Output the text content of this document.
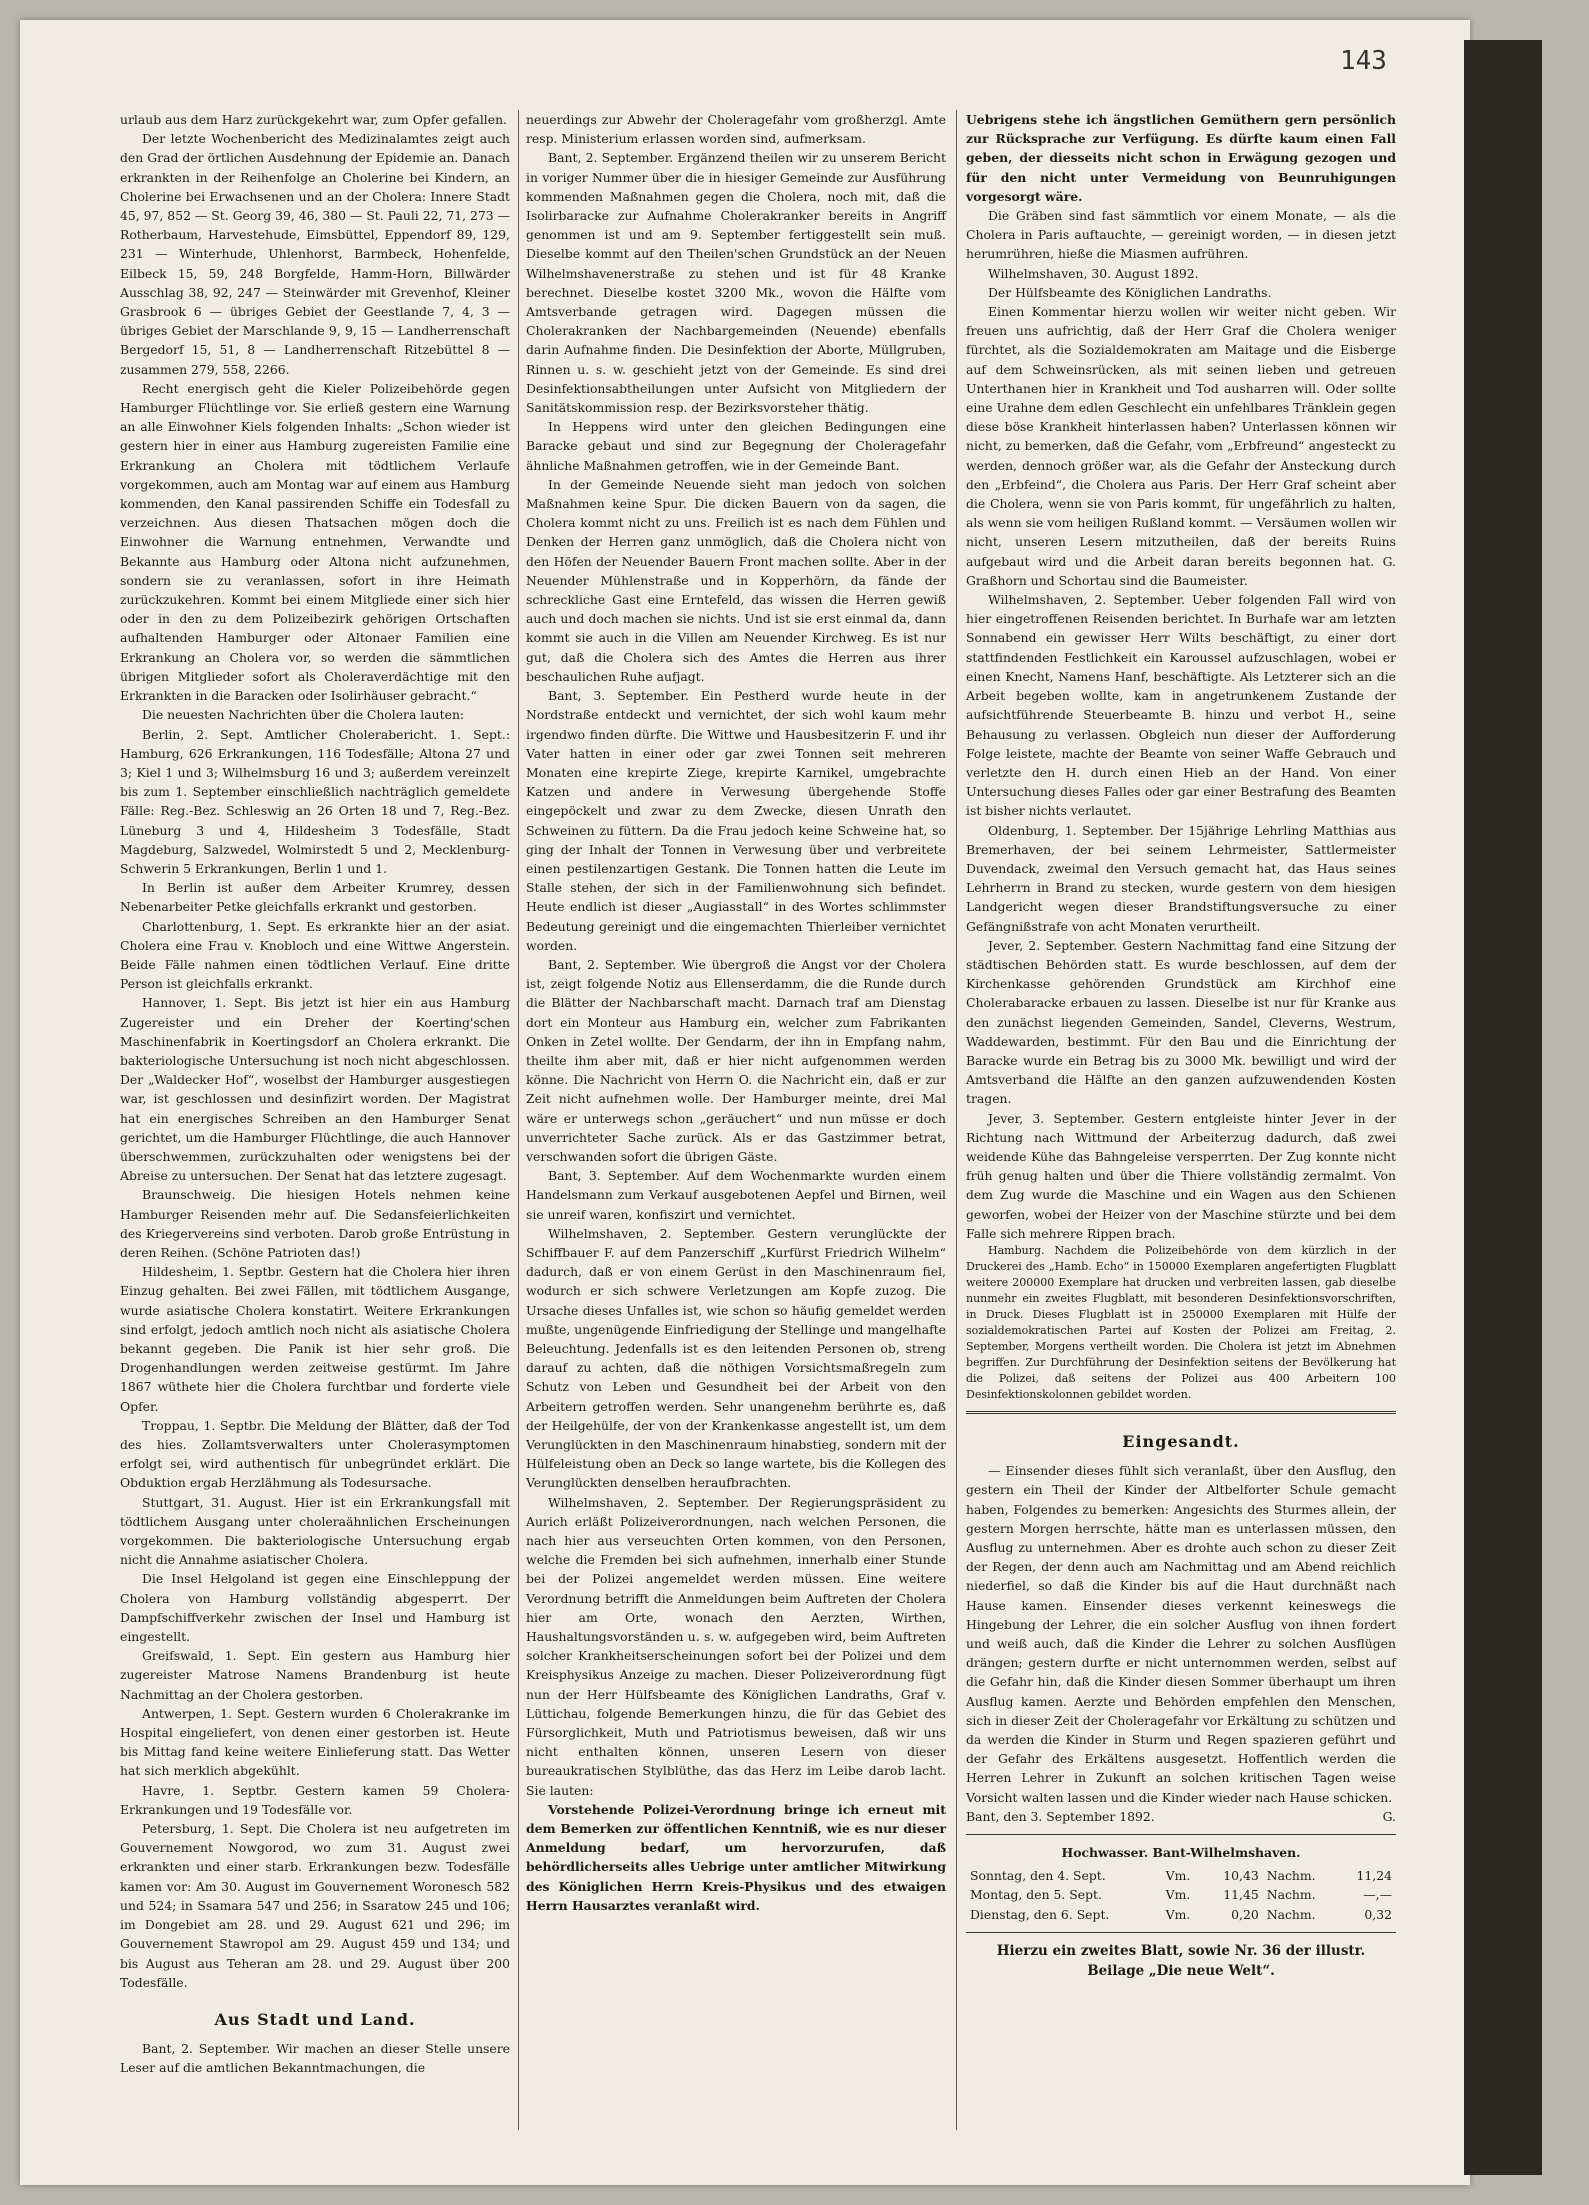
143

urlaub aus dem Harz zurückgekehrt war, zum Opfer gefallen.

Der letzte Wochenbericht des Medizinalamtes zeigt auch den Grad der örtlichen Ausdehnung der Epidemie an. Danach erkrankten in der Reihenfolge an Cholerine bei Kindern, an Cholerine bei Erwachsenen und an der Cholera: Innere Stadt 45, 97, 852 — St. Georg 39, 46, 380 — St. Pauli 22, 71, 273 — Rotherbaum, Harvestehude, Eimsbüttel, Eppendorf 89, 129, 231 — Winterhude, Uhlenhorst, Barmbeck, Hohenfelde, Eilbeck 15, 59, 248 Borgfelde, Hamm-Horn, Billwärder Ausschlag 38, 92, 247 — Steinwärder mit Grevenhof, Kleiner Grasbrook 6 — übriges Gebiet der Geestlande 7, 4, 3 — übriges Gebiet der Marschlande 9, 9, 15 — Landherrenschaft Bergedorf 15, 51, 8 — Landherrenschaft Ritzebüttel 8 — zusammen 279, 558, 2266.

Recht energisch geht die Kieler Polizeibehörde gegen Hamburger Flüchtlinge vor. Sie erließ gestern eine Warnung an alle Einwohner Kiels folgenden Inhalts: „Schon wieder ist gestern hier in einer aus Hamburg zugereisten Familie eine Erkrankung an Cholera mit tödtlichem Verlaufe vorgekommen, auch am Montag war auf einem aus Hamburg kommenden, den Kanal passirenden Schiffe ein Todesfall zu verzeichnen. Aus diesen Thatsachen mögen doch die Einwohner die Warnung entnehmen, Verwandte und Bekannte aus Hamburg oder Altona nicht aufzunehmen, sondern sie zu veranlassen, sofort in ihre Heimath zurückzukehren. Kommt bei einem Mitgliede einer sich hier oder in den zu dem Polizeibezirk gehörigen Ortschaften aufhaltenden Hamburger oder Altonaer Familien eine Erkrankung an Cholera vor, so werden die sämmtlichen übrigen Mitglieder sofort als Choleraverdächtige mit den Erkrankten in die Baracken oder Isolirhäuser gebracht.“

Die neuesten Nachrichten über die Cholera lauten:

Berlin, 2. Sept. Amtlicher Cholerabericht. 1. Sept.: Hamburg, 626 Erkrankungen, 116 Todesfälle; Altona 27 und 3; Kiel 1 und 3; Wilhelmsburg 16 und 3; außerdem vereinzelt bis zum 1. September einschließlich nachträglich gemeldete Fälle: Reg.-Bez. Schleswig an 26 Orten 18 und 7, Reg.-Bez. Lüneburg 3 und 4, Hildesheim 3 Todesfälle, Stadt Magdeburg, Salzwedel, Wolmirstedt 5 und 2, Mecklenburg-Schwerin 5 Erkrankungen, Berlin 1 und 1.

In Berlin ist außer dem Arbeiter Krumrey, dessen Nebenarbeiter Petke gleichfalls erkrankt und gestorben.

Charlottenburg, 1. Sept. Es erkrankte hier an der asiat. Cholera eine Frau v. Knobloch und eine Wittwe Angerstein. Beide Fälle nahmen einen tödtlichen Verlauf. Eine dritte Person ist gleichfalls erkrankt.

Hannover, 1. Sept. Bis jetzt ist hier ein aus Hamburg Zugereister und ein Dreher der Koerting'schen Maschinenfabrik in Koertingsdorf an Cholera erkrankt. Die bakteriologische Untersuchung ist noch nicht abgeschlossen. Der „Waldecker Hof“, woselbst der Hamburger ausgestiegen war, ist geschlossen und desinfizirt worden. Der Magistrat hat ein energisches Schreiben an den Hamburger Senat gerichtet, um die Hamburger Flüchtlinge, die auch Hannover überschwemmen, zurückzuhalten oder wenigstens bei der Abreise zu untersuchen. Der Senat hat das letztere zugesagt.

Braunschweig. Die hiesigen Hotels nehmen keine Hamburger Reisenden mehr auf. Die Sedansfeierlichkeiten des Kriegervereins sind verboten. Darob große Entrüstung in deren Reihen. (Schöne Patrioten das!)

Hildesheim, 1. Septbr. Gestern hat die Cholera hier ihren Einzug gehalten. Bei zwei Fällen, mit tödtlichem Ausgange, wurde asiatische Cholera konstatirt. Weitere Erkrankungen sind erfolgt, jedoch amtlich noch nicht als asiatische Cholera bekannt gegeben. Die Panik ist hier sehr groß. Die Drogenhandlungen werden zeitweise gestürmt. Im Jahre 1867 wüthete hier die Cholera furchtbar und forderte viele Opfer.

Troppau, 1. Septbr. Die Meldung der Blätter, daß der Tod des hies. Zollamtsverwalters unter Cholerasymptomen erfolgt sei, wird authentisch für unbegründet erklärt. Die Obduktion ergab Herzlähmung als Todesursache.

Stuttgart, 31. August. Hier ist ein Erkrankungsfall mit tödtlichem Ausgang unter choleraähnlichen Erscheinungen vorgekommen. Die bakteriologische Untersuchung ergab nicht die Annahme asiatischer Cholera.

Die Insel Helgoland ist gegen eine Einschleppung der Cholera von Hamburg vollständig abgesperrt. Der Dampfschiffverkehr zwischen der Insel und Hamburg ist eingestellt.

Greifswald, 1. Sept. Ein gestern aus Hamburg hier zugereister Matrose Namens Brandenburg ist heute Nachmittag an der Cholera gestorben.

Antwerpen, 1. Sept. Gestern wurden 6 Cholerakranke im Hospital eingeliefert, von denen einer gestorben ist. Heute bis Mittag fand keine weitere Einlieferung statt. Das Wetter hat sich merklich abgekühlt.

Havre, 1. Septbr. Gestern kamen 59 Cholera-Erkrankungen und 19 Todesfälle vor.

Petersburg, 1. Sept. Die Cholera ist neu aufgetreten im Gouvernement Nowgorod, wo zum 31. August zwei erkrankten und einer starb. Erkrankungen bezw. Todesfälle kamen vor: Am 30. August im Gouvernement Woronesch 582 und 524; in Ssamara 547 und 256; in Ssaratow 245 und 106; im Dongebiet am 28. und 29. August 621 und 296; im Gouvernement Stawropol am 29. August 459 und 134; und bis August aus Teheran am 28. und 29. August über 200 Todesfälle.

Aus Stadt und Land.

Bant, 2. September. Wir machen an dieser Stelle unsere Leser auf die amtlichen Bekanntmachungen, die

neuerdings zur Abwehr der Choleragefahr vom großherzgl. Amte resp. Ministerium erlassen worden sind, aufmerksam.

Bant, 2. September. Ergänzend theilen wir zu unserem Bericht in voriger Nummer über die in hiesiger Gemeinde zur Ausführung kommenden Maßnahmen gegen die Cholera, noch mit, daß die Isolirbaracke zur Aufnahme Cholerakranker bereits in Angriff genommen ist und am 9. September fertiggestellt sein muß. Dieselbe kommt auf den Theilen'schen Grundstück an der Neuen Wilhelmshavenerstraße zu stehen und ist für 48 Kranke berechnet. Dieselbe kostet 3200 Mk., wovon die Hälfte vom Amtsverbande getragen wird. Dagegen müssen die Cholerakranken der Nachbargemeinden (Neuende) ebenfalls darin Aufnahme finden. Die Desinfektion der Aborte, Müllgruben, Rinnen u. s. w. geschieht jetzt von der Gemeinde. Es sind drei Desinfektionsabtheilungen unter Aufsicht von Mitgliedern der Sanitätskommission resp. der Bezirksvorsteher thätig.

In Heppens wird unter den gleichen Bedingungen eine Baracke gebaut und sind zur Begegnung der Choleragefahr ähnliche Maßnahmen getroffen, wie in der Gemeinde Bant.

In der Gemeinde Neuende sieht man jedoch von solchen Maßnahmen keine Spur. Die dicken Bauern von da sagen, die Cholera kommt nicht zu uns. Freilich ist es nach dem Fühlen und Denken der Herren ganz unmöglich, daß die Cholera nicht von den Höfen der Neuender Bauern Front machen sollte. Aber in der Neuender Mühlenstraße und in Kopperhörn, da fände der schreckliche Gast eine Erntefeld, das wissen die Herren gewiß auch und doch machen sie nichts. Und ist sie erst einmal da, dann kommt sie auch in die Villen am Neuender Kirchweg. Es ist nur gut, daß die Cholera sich des Amtes die Herren aus ihrer beschaulichen Ruhe aufjagt.

Bant, 3. September. Ein Pestherd wurde heute in der Nordstraße entdeckt und vernichtet, der sich wohl kaum mehr irgendwo finden dürfte. Die Wittwe und Hausbesitzerin F. und ihr Vater hatten in einer oder gar zwei Tonnen seit mehreren Monaten eine krepirte Ziege, krepirte Karnikel, umgebrachte Katzen und andere in Verwesung übergehende Stoffe eingepöckelt und zwar zu dem Zwecke, diesen Unrath den Schweinen zu füttern. Da die Frau jedoch keine Schweine hat, so ging der Inhalt der Tonnen in Verwesung über und verbreitete einen pestilenzartigen Gestank. Die Tonnen hatten die Leute im Stalle stehen, der sich in der Familienwohnung sich befindet. Heute endlich ist dieser „Augiasstall“ in des Wortes schlimmster Bedeutung gereinigt und die eingemachten Thierleiber vernichtet worden.

Bant, 2. September. Wie übergroß die Angst vor der Cholera ist, zeigt folgende Notiz aus Ellenserdamm, die die Runde durch die Blätter der Nachbarschaft macht. Darnach traf am Dienstag dort ein Monteur aus Hamburg ein, welcher zum Fabrikanten Onken in Zetel wollte. Der Gendarm, der ihn in Empfang nahm, theilte ihm aber mit, daß er hier nicht aufgenommen werden könne. Die Nachricht von Herrn O. die Nachricht ein, daß er zur Zeit nicht aufnehmen wolle. Der Hamburger meinte, drei Mal wäre er unterwegs schon „geräuchert“ und nun müsse er doch unverrichteter Sache zurück. Als er das Gastzimmer betrat, verschwanden sofort die übrigen Gäste.

Bant, 3. September. Auf dem Wochenmarkte wurden einem Handelsmann zum Verkauf ausgebotenen Aepfel und Birnen, weil sie unreif waren, konfiszirt und vernichtet.

Wilhelmshaven, 2. September. Gestern verunglückte der Schiffbauer F. auf dem Panzerschiff „Kurfürst Friedrich Wilhelm“ dadurch, daß er von einem Gerüst in den Maschinenraum fiel, wodurch er sich schwere Verletzungen am Kopfe zuzog. Die Ursache dieses Unfalles ist, wie schon so häufig gemeldet werden mußte, ungenügende Einfriedigung der Stellinge und mangelhafte Beleuchtung. Jedenfalls ist es den leitenden Personen ob, streng darauf zu achten, daß die nöthigen Vorsichtsmaßregeln zum Schutz von Leben und Gesundheit bei der Arbeit von den Arbeitern getroffen werden. Sehr unangenehm berührte es, daß der Heilgehülfe, der von der Krankenkasse angestellt ist, um dem Verunglückten in den Maschinenraum hinabstieg, sondern mit der Hülfeleistung oben an Deck so lange wartete, bis die Kollegen des Verunglückten denselben heraufbrachten.

Wilhelmshaven, 2. September. Der Regierungspräsident zu Aurich erläßt Polizeiverordnungen, nach welchen Personen, die nach hier aus verseuchten Orten kommen, von den Personen, welche die Fremden bei sich aufnehmen, innerhalb einer Stunde bei der Polizei angemeldet werden müssen. Eine weitere Verordnung betrifft die Anmeldungen beim Auftreten der Cholera hier am Orte, wonach den Aerzten, Wirthen, Haushaltungsvorständen u. s. w. aufgegeben wird, beim Auftreten solcher Krankheitserscheinungen sofort bei der Polizei und dem Kreisphysikus Anzeige zu machen. Dieser Polizeiverordnung fügt nun der Herr Hülfsbeamte des Königlichen Landraths, Graf v. Lüttichau, folgende Bemerkungen hinzu, die für das Gebiet des Fürsorglichkeit, Muth und Patriotismus beweisen, daß wir uns nicht enthalten können, unseren Lesern von dieser bureaukratischen Stylblüthe, das das Herz im Leibe darob lacht. Sie lauten:

Vorstehende Polizei-Verordnung bringe ich erneut mit dem Bemerken zur öffentlichen Kenntniß, wie es nur dieser Anmeldung bedarf, um hervorzurufen, daß behördlicherseits alles Uebrige unter amtlicher Mitwirkung des Königlichen Herrn Kreis-Physikus und des etwaigen Herrn Hausarztes veranlaßt wird.

Uebrigens stehe ich ängstlichen Gemüthern gern persönlich zur Rücksprache zur Verfügung. Es dürfte kaum einen Fall geben, der diesseits nicht schon in Erwägung gezogen und für den nicht unter Vermeidung von Beunruhigungen vorgesorgt wäre.

Die Gräben sind fast sämmtlich vor einem Monate, — als die Cholera in Paris auftauchte, — gereinigt worden, — in diesen jetzt herumrühren, hieße die Miasmen aufrühren.

Wilhelmshaven, 30. August 1892.

Der Hülfsbeamte des Königlichen Landraths.

Einen Kommentar hierzu wollen wir weiter nicht geben. Wir freuen uns aufrichtig, daß der Herr Graf die Cholera weniger fürchtet, als die Sozialdemokraten am Maitage und die Eisberge auf dem Schweinsrücken, als mit seinen lieben und getreuen Unterthanen hier in Krankheit und Tod ausharren will. Oder sollte eine Urahne dem edlen Geschlecht ein unfehlbares Tränklein gegen diese böse Krankheit hinterlassen haben? Unterlassen können wir nicht, zu bemerken, daß die Gefahr, vom „Erbfreund“ angesteckt zu werden, dennoch größer war, als die Gefahr der Ansteckung durch den „Erbfeind“, die Cholera aus Paris. Der Herr Graf scheint aber die Cholera, wenn sie von Paris kommt, für ungefährlich zu halten, als wenn sie vom heiligen Rußland kommt. — Versäumen wollen wir nicht, unseren Lesern mitzutheilen, daß der bereits Ruins aufgebaut wird und die Arbeit daran bereits begonnen hat. G. Graßhorn und Schortau sind die Baumeister.

Wilhelmshaven, 2. September. Ueber folgenden Fall wird von hier eingetroffenen Reisenden berichtet. In Burhafe war am letzten Sonnabend ein gewisser Herr Wilts beschäftigt, zu einer dort stattfindenden Festlichkeit ein Karoussel aufzuschlagen, wobei er einen Knecht, Namens Hanf, beschäftigte. Als Letzterer sich an die Arbeit begeben wollte, kam in angetrunkenem Zustande der aufsichtführende Steuerbeamte B. hinzu und verbot H., seine Behausung zu verlassen. Obgleich nun dieser der Aufforderung Folge leistete, machte der Beamte von seiner Waffe Gebrauch und verletzte den H. durch einen Hieb an der Hand. Von einer Untersuchung dieses Falles oder gar einer Bestrafung des Beamten ist bisher nichts verlautet.

Oldenburg, 1. September. Der 15jährige Lehrling Matthias aus Bremerhaven, der bei seinem Lehrmeister, Sattlermeister Duvendack, zweimal den Versuch gemacht hat, das Haus seines Lehrherrn in Brand zu stecken, wurde gestern von dem hiesigen Landgericht wegen dieser Brandstiftungsversuche zu einer Gefängnißstrafe von acht Monaten verurtheilt.

Jever, 2. September. Gestern Nachmittag fand eine Sitzung der städtischen Behörden statt. Es wurde beschlossen, auf dem der Kirchenkasse gehörenden Grundstück am Kirchhof eine Cholerabaracke erbauen zu lassen. Dieselbe ist nur für Kranke aus den zunächst liegenden Gemeinden, Sandel, Cleverns, Westrum, Waddewarden, bestimmt. Für den Bau und die Einrichtung der Baracke wurde ein Betrag bis zu 3000 Mk. bewilligt und wird der Amtsverband die Hälfte an den ganzen aufzuwendenden Kosten tragen.

Jever, 3. September. Gestern entgleiste hinter Jever in der Richtung nach Wittmund der Arbeiterzug dadurch, daß zwei weidende Kühe das Bahngeleise versperrten. Der Zug konnte nicht früh genug halten und über die Thiere vollständig zermalmt. Von dem Zug wurde die Maschine und ein Wagen aus den Schienen geworfen, wobei der Heizer von der Maschine stürzte und bei dem Falle sich mehrere Rippen brach.

Hamburg. Nachdem die Polizeibehörde von dem kürzlich in der Druckerei des „Hamb. Echo“ in 150000 Exemplaren angefertigten Flugblatt weitere 200000 Exemplare hat drucken und verbreiten lassen, gab dieselbe nunmehr ein zweites Flugblatt, mit besonderen Desinfektionsvorschriften, in Druck. Dieses Flugblatt ist in 250000 Exemplaren mit Hülfe der sozialdemokratischen Partei auf Kosten der Polizei am Freitag, 2. September, Morgens vertheilt worden. Die Cholera ist jetzt im Abnehmen begriffen. Zur Durchführung der Desinfektion seitens der Bevölkerung hat die Polizei, daß seitens der Polizei aus 400 Arbeitern 100 Desinfektionskolonnen gebildet worden.

Eingesandt.

— Einsender dieses fühlt sich veranlaßt, über den Ausflug, den gestern ein Theil der Kinder der Altbelforter Schule gemacht haben, Folgendes zu bemerken: Angesichts des Sturmes allein, der gestern Morgen herrschte, hätte man es unterlassen müssen, den Ausflug zu unternehmen. Aber es drohte auch schon zu dieser Zeit der Regen, der denn auch am Nachmittag und am Abend reichlich niederfiel, so daß die Kinder bis auf die Haut durchnäßt nach Hause kamen. Einsender dieses verkennt keineswegs die Hingebung der Lehrer, die ein solcher Ausflug von ihnen fordert und weiß auch, daß die Kinder die Lehrer zu solchen Ausflügen drängen; gestern durfte er nicht unternommen werden, selbst auf die Gefahr hin, daß die Kinder diesen Sommer überhaupt um ihren Ausflug kamen. Aerzte und Behörden empfehlen den Menschen, sich in dieser Zeit der Choleragefahr vor Erkältung zu schützen und da werden die Kinder in Sturm und Regen spazieren geführt und der Gefahr des Erkältens ausgesetzt. Hoffentlich werden die Herren Lehrer in Zukunft an solchen kritischen Tagen weise Vorsicht walten lassen und die Kinder wieder nach Hause schicken.

Bant, den 3. September 1892.	G.
Hochwasser. Bant-Wilhelmshaven.
Sonntag, den 4. Sept.	Vm.	10,43	Nachm.	11,24
Montag, den 5. Sept.	Vm.	11,45	Nachm.	—,—
Dienstag, den 6. Sept.	Vm.	0,20	Nachm.	0,32
Hierzu ein zweites Blatt, sowie Nr. 36 der illustr. Beilage „Die neue Welt“.
